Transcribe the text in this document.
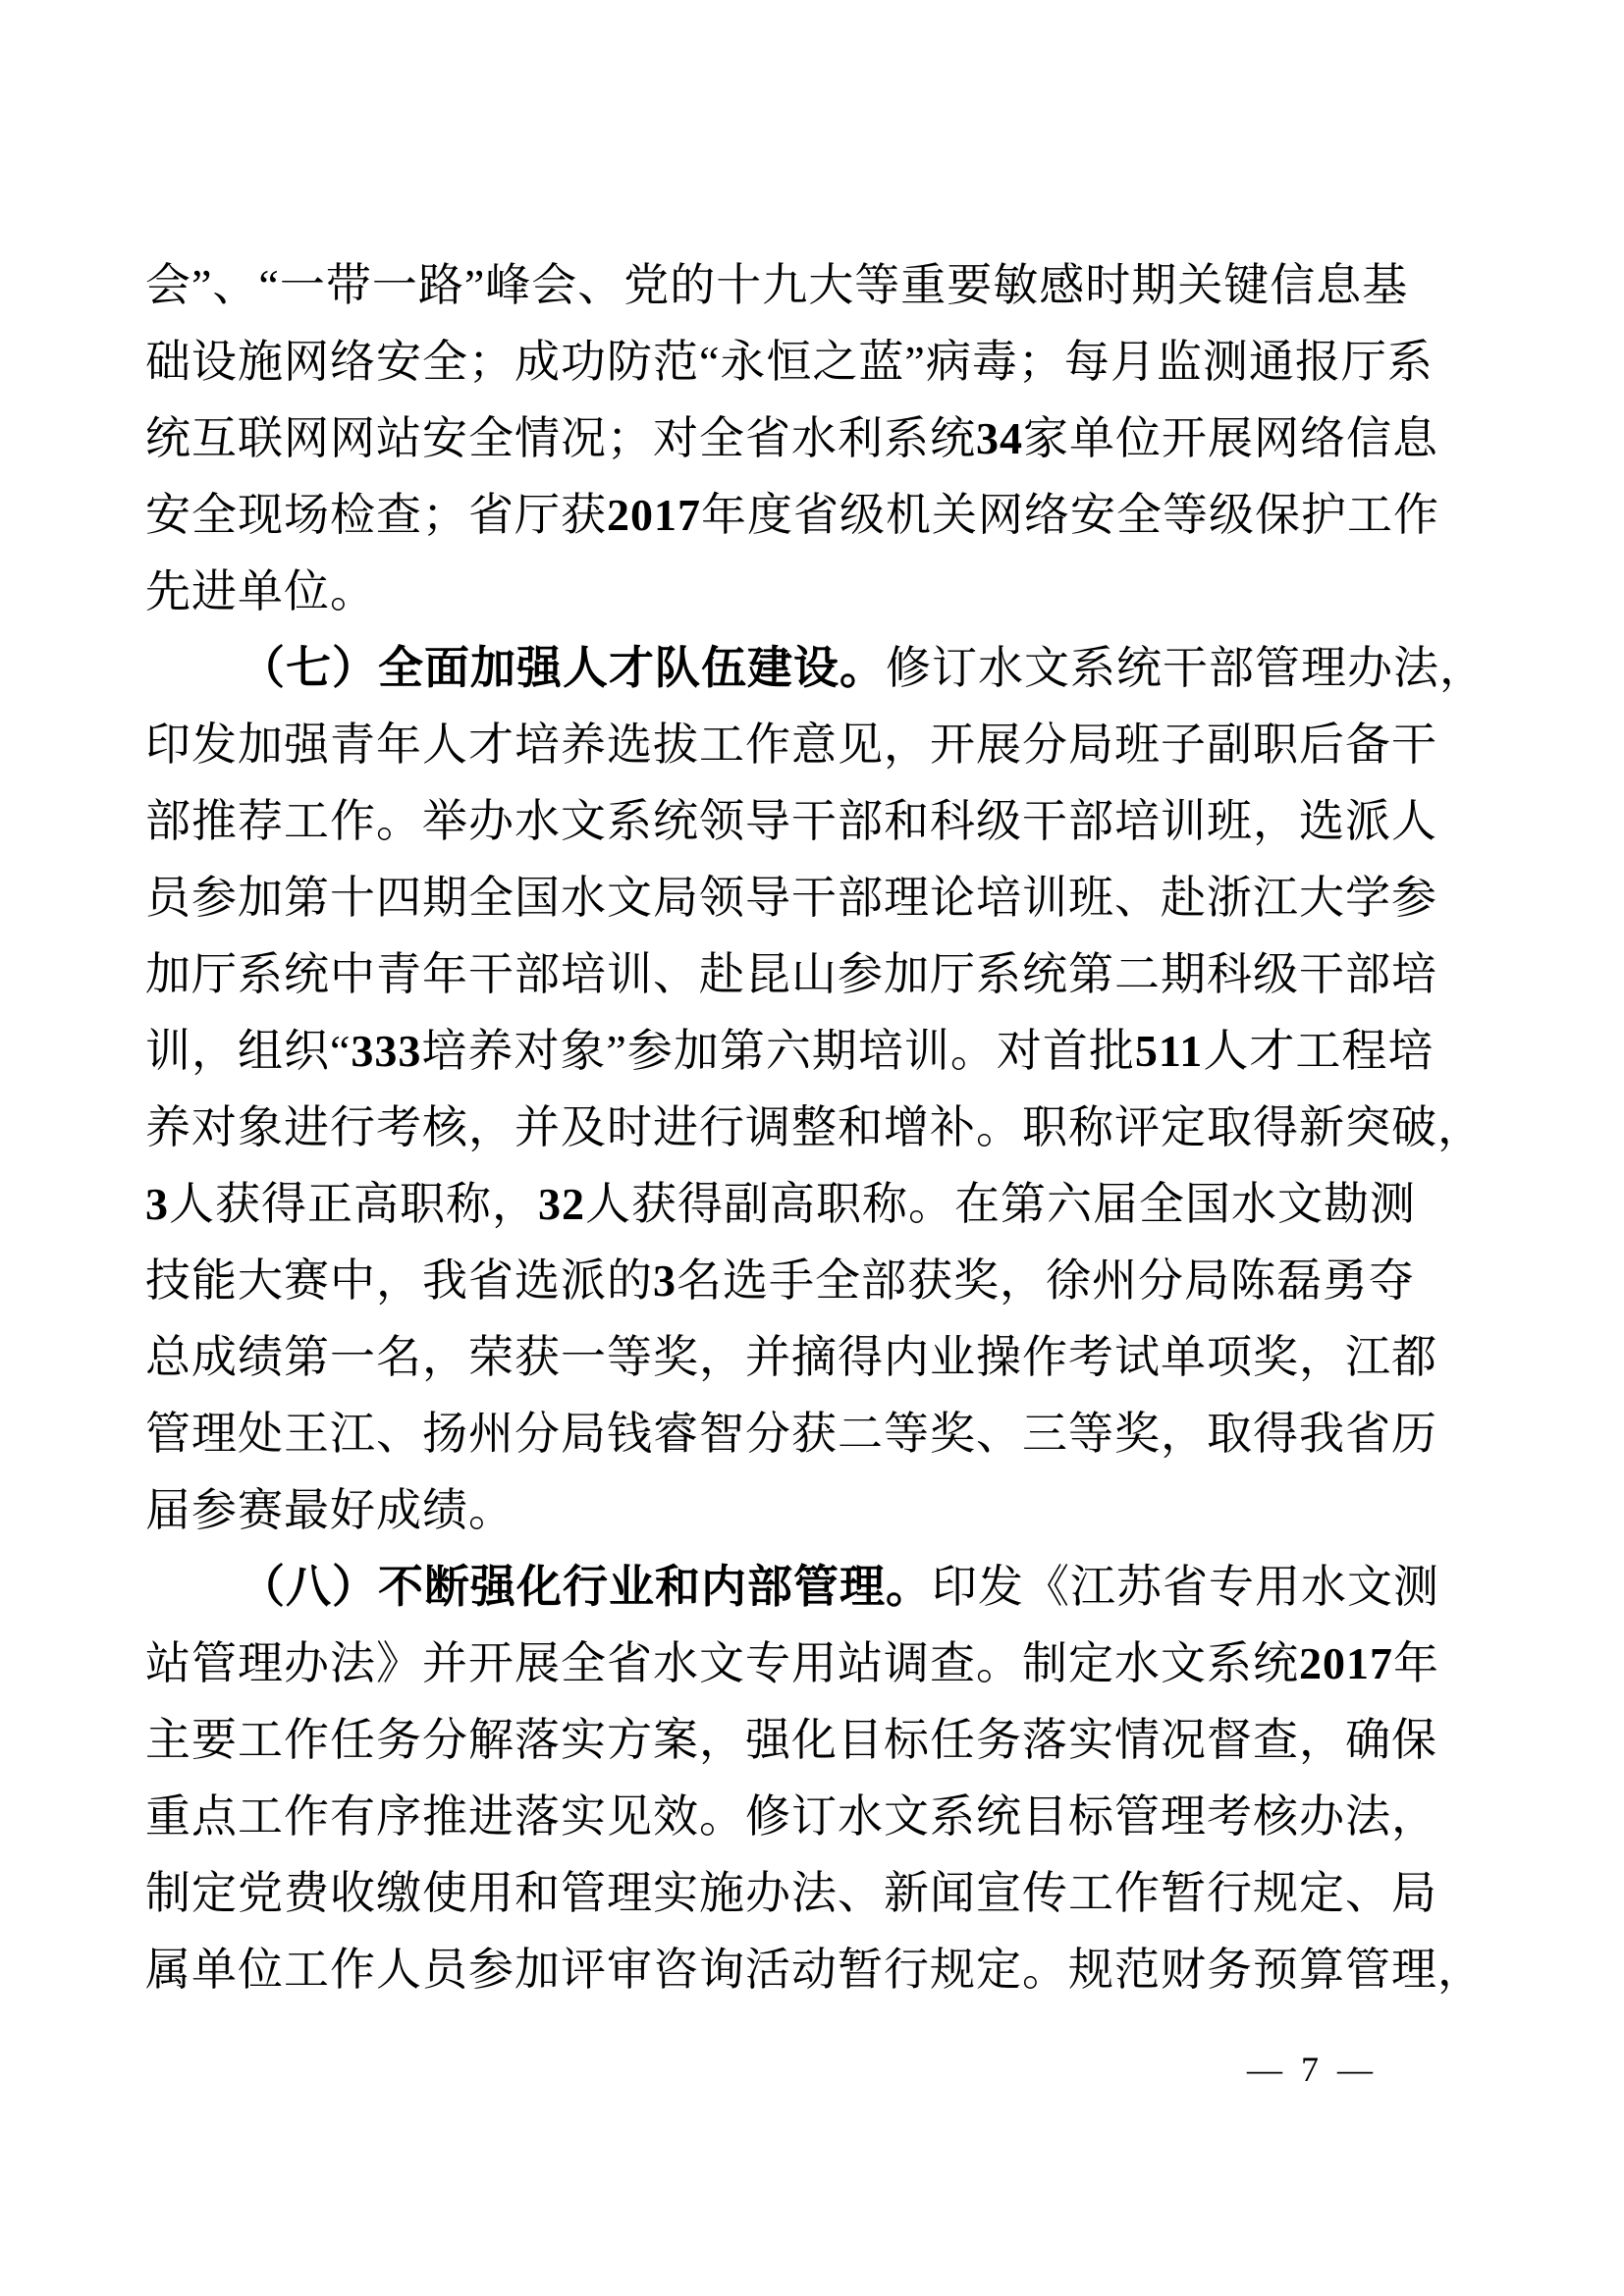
会”、“一带一路”峰会、党的十九大等重要敏感时期关键信息基
础设施网络安全；成功防范“永恒之蓝”病毒；每月监测通报厅系
统互联网网站安全情况；对全省水利系统34家单位开展网络信息
安全现场检查；省厅获2017年度省级机关网络安全等级保护工作
先进单位。
（七）全面加强人才队伍建设。修订水文系统干部管理办法，
印发加强青年人才培养选拔工作意见，开展分局班子副职后备干
部推荐工作。举办水文系统领导干部和科级干部培训班，选派人
员参加第十四期全国水文局领导干部理论培训班、赴浙江大学参
加厅系统中青年干部培训、赴昆山参加厅系统第二期科级干部培
训，组织“333培养对象”参加第六期培训。对首批511人才工程培
养对象进行考核，并及时进行调整和增补。职称评定取得新突破，
3人获得正高职称，32人获得副高职称。在第六届全国水文勘测
技能大赛中，我省选派的3名选手全部获奖，徐州分局陈磊勇夺
总成绩第一名，荣获一等奖，并摘得内业操作考试单项奖，江都
管理处王江、扬州分局钱睿智分获二等奖、三等奖，取得我省历
届参赛最好成绩。
（八）不断强化行业和内部管理。印发《江苏省专用水文测
站管理办法》并开展全省水文专用站调查。制定水文系统2017年
主要工作任务分解落实方案，强化目标任务落实情况督查，确保
重点工作有序推进落实见效。修订水文系统目标管理考核办法，
制定党费收缴使用和管理实施办法、新闻宣传工作暂行规定、局
属单位工作人员参加评审咨询活动暂行规定。规范财务预算管理，
— 7 —
